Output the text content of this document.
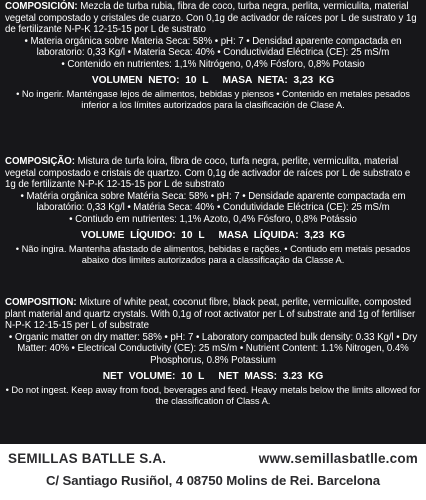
COMPOSICIÓN: Mezcla de turba rubia, fibra de coco, turba negra, perlita, vermiculita, material vegetal compostado y cristales de cuarzo. Con 0,1g de activador de raíces por L de sustrato y 1g de fertilizante N-P-K 12-15-15 por L de sustrato

• Materia orgánica sobre Materia Seca: 58% • pH: 7 • Densidad aparente compactada en laboratorio: 0,33 Kg/l • Materia Seca: 40% • Conductividad Eléctrica (CE): 25 mS/m

• Contenido en nutrientes: 1,1% Nitrógeno, 0,4% Fósforo, 0,8% Potasio

VOLUMEN NETO: 10 L MASA NETA: 3,23 KG

• No ingerir. Manténgase lejos de alimentos, bebidas y piensos • Contenido en metales pesados inferior a los límites autorizados para la clasificación de Clase A.

COMPOSIÇÃO: Mistura de turfa loira, fibra de coco, turfa negra, perlite, vermiculita, material vegetal compostado e cristais de quartzo. Com 0,1g de activador de raíces por L de substrato e 1g de fertilizante N-P-K 12-15-15 por L de substrato

• Matéria orgânica sobre Matéria Seca: 58% • pH: 7 • Densidade aparente compactada em laboratório: 0,33 Kg/l • Matéria Seca: 40% • Condutividade Eléctrica (CE): 25 mS/m

• Contiudo em nutrientes: 1,1% Azoto, 0,4% Fósforo, 0,8% Potássio

VOLUME LÍQUIDO: 10 L MASA LÍQUIDA: 3,23 KG

• Não ingira. Mantenha afastado de alimentos, bebidas e rações. • Contiudo em metais pesados abaixo dos limites autorizados para a classificação da Classe A.

COMPOSITION: Mixture of white peat, coconut fibre, black peat, perlite, vermiculite, composted plant material and quartz crystals. With 0,1g of root activator per L of substrate and 1g of fertiliser N-P-K 12-15-15 per L of substrate

• Organic matter on dry matter: 58% • pH: 7 • Laboratory compacted bulk density: 0.33 Kg/l • Dry Matter: 40% • Electrical Conductivity (CE): 25 mS/m • Nutrient Content: 1.1% Nitrogen, 0.4% Phosphorus, 0.8% Potassium

NET VOLUME: 10 L NET MASS: 3.23 KG

• Do not ingest. Keep away from food, beverages and feed. Heavy metals below the limits allowed for the classification of Class A.

SEMILLAS BATLLE S.A.	www.semillasbatlle.com
C/ Santiago Rusiñol, 4 08750 Molins de Rei. Barcelona
